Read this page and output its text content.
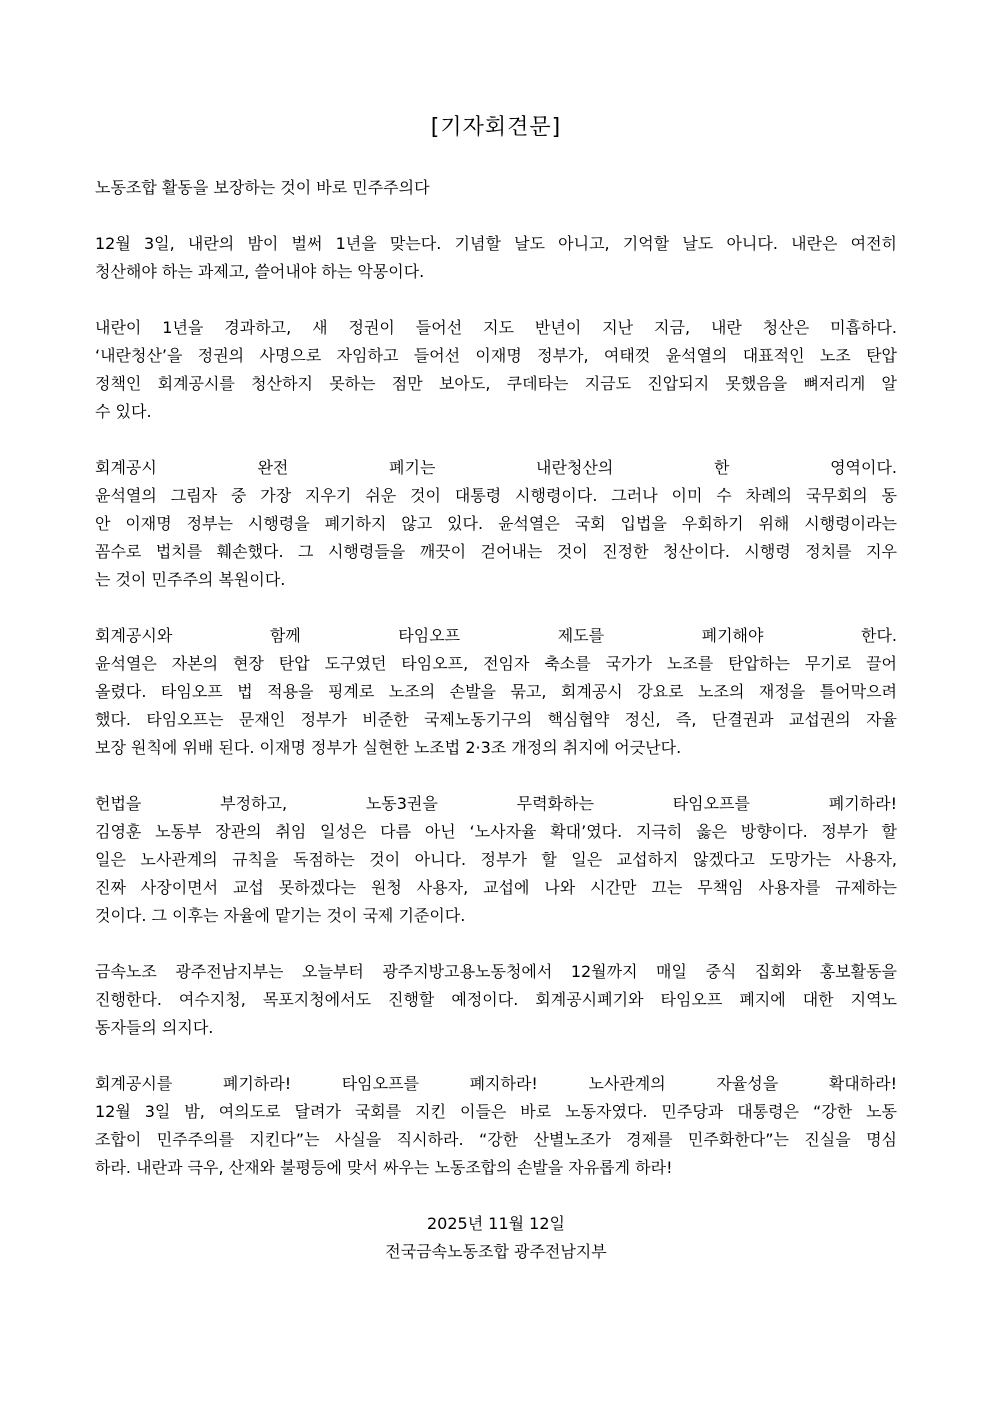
[기자회견문]
노동조합 활동을 보장하는 것이 바로 민주주의다
12월 3일, 내란의 밤이 벌써 1년을 맞는다. 기념할 날도 아니고, 기억할 날도 아니다. 내란은 여전히
청산해야 하는 과제고, 쓸어내야 하는 악몽이다.
내란이 1년을 경과하고, 새 정권이 들어선 지도 반년이 지난 지금, 내란 청산은 미흡하다.
‘내란청산’을 정권의 사명으로 자임하고 들어선 이재명 정부가, 여태껏 윤석열의 대표적인 노조 탄압
정책인 회계공시를 청산하지 못하는 점만 보아도, 쿠데타는 지금도 진압되지 못했음을 뼈저리게 알
수 있다.
회계공시 완전 폐기는 내란청산의 한 영역이다.
윤석열의 그림자 중 가장 지우기 쉬운 것이 대통령 시행령이다. 그러나 이미 수 차례의 국무회의 동
안 이재명 정부는 시행령을 폐기하지 않고 있다. 윤석열은 국회 입법을 우회하기 위해 시행령이라는
꼼수로 법치를 훼손했다. 그 시행령들을 깨끗이 걷어내는 것이 진정한 청산이다. 시행령 정치를 지우
는 것이 민주주의 복원이다.
회계공시와 함께 타임오프 제도를 폐기해야 한다.
윤석열은 자본의 현장 탄압 도구였던 타임오프, 전임자 축소를 국가가 노조를 탄압하는 무기로 끌어
올렸다. 타임오프 법 적용을 핑계로 노조의 손발을 묶고, 회계공시 강요로 노조의 재정을 틀어막으려
했다. 타임오프는 문재인 정부가 비준한 국제노동기구의 핵심협약 정신, 즉, 단결권과 교섭권의 자율
보장 원칙에 위배 된다. 이재명 정부가 실현한 노조법 2·3조 개정의 취지에 어긋난다.
헌법을 부정하고, 노동3권을 무력화하는 타임오프를 폐기하라!
김영훈 노동부 장관의 취임 일성은 다름 아닌 ‘노사자율 확대’였다. 지극히 옳은 방향이다. 정부가 할
일은 노사관계의 규칙을 독점하는 것이 아니다. 정부가 할 일은 교섭하지 않겠다고 도망가는 사용자,
진짜 사장이면서 교섭 못하겠다는 원청 사용자, 교섭에 나와 시간만 끄는 무책임 사용자를 규제하는
것이다. 그 이후는 자율에 맡기는 것이 국제 기준이다.
금속노조 광주전남지부는 오늘부터 광주지방고용노동청에서 12월까지 매일 중식 집회와 홍보활동을
진행한다. 여수지청, 목포지청에서도 진행할 예정이다. 회계공시폐기와 타임오프 폐지에 대한 지역노
동자들의 의지다.
회계공시를 폐기하라! 타임오프를 폐지하라! 노사관계의 자율성을 확대하라!
12월 3일 밤, 여의도로 달려가 국회를 지킨 이들은 바로 노동자였다. 민주당과 대통령은 “강한 노동
조합이 민주주의를 지킨다”는 사실을 직시하라. “강한 산별노조가 경제를 민주화한다”는 진실을 명심
하라. 내란과 극우, 산재와 불평등에 맞서 싸우는 노동조합의 손발을 자유롭게 하라!
2025년 11월 12일
전국금속노동조합 광주전남지부
